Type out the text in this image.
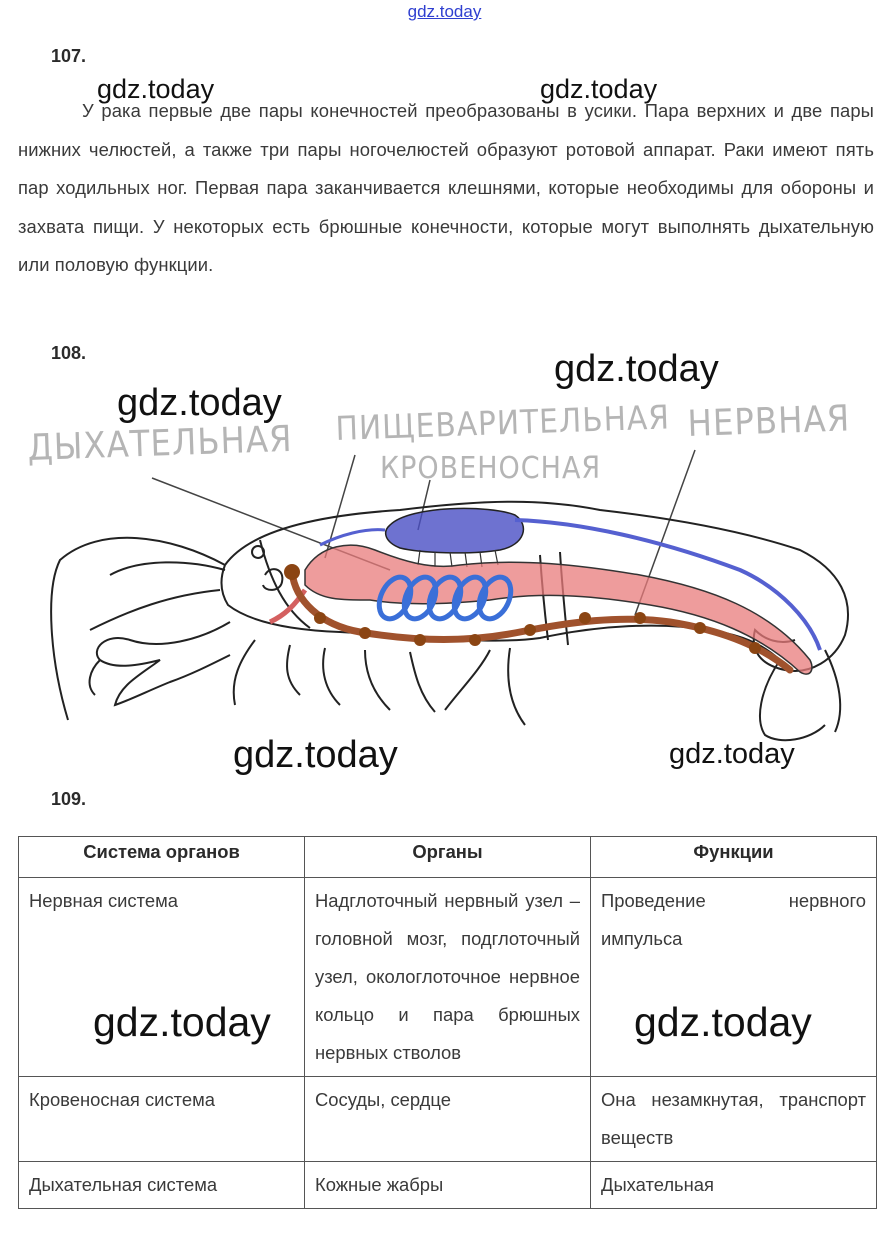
gdz.today
107.
gdz.today	gdz.today

У рака первые две пары конечностей преобразованы в усики. Пара верхних и две пары нижних челюстей, а также три пары ногочелюстей образуют ротовой аппарат. Раки имеют пять пар ходильных ног. Первая пара заканчивается клешнями, которые необходимы для обороны и захвата пищи. У некоторых есть брюшные конечности, которые могут выполнять дыхательную или половую функции.

108.
ДЫХАТЕЛЬНАЯ ПИЩЕВАРИТЕЛЬНАЯ НЕРВНАЯ
КРОВЕНОСНАЯ
gdz.today
gdz.today
gdz.today	gdz.today
109.
Система органов	Органы	Функции
Нервная система	Надглоточный нервный узел – головной мозг, подглоточный узел, окологлоточное нервное кольцо и пара брюшных нервных стволов	Проведение нервного импульса
Кровеносная система	Сосуды, сердце	Она незамкнутая, транспорт веществ
Дыхательная система	Кожные жабры	Дыхательная
gdz.today	gdz.today
